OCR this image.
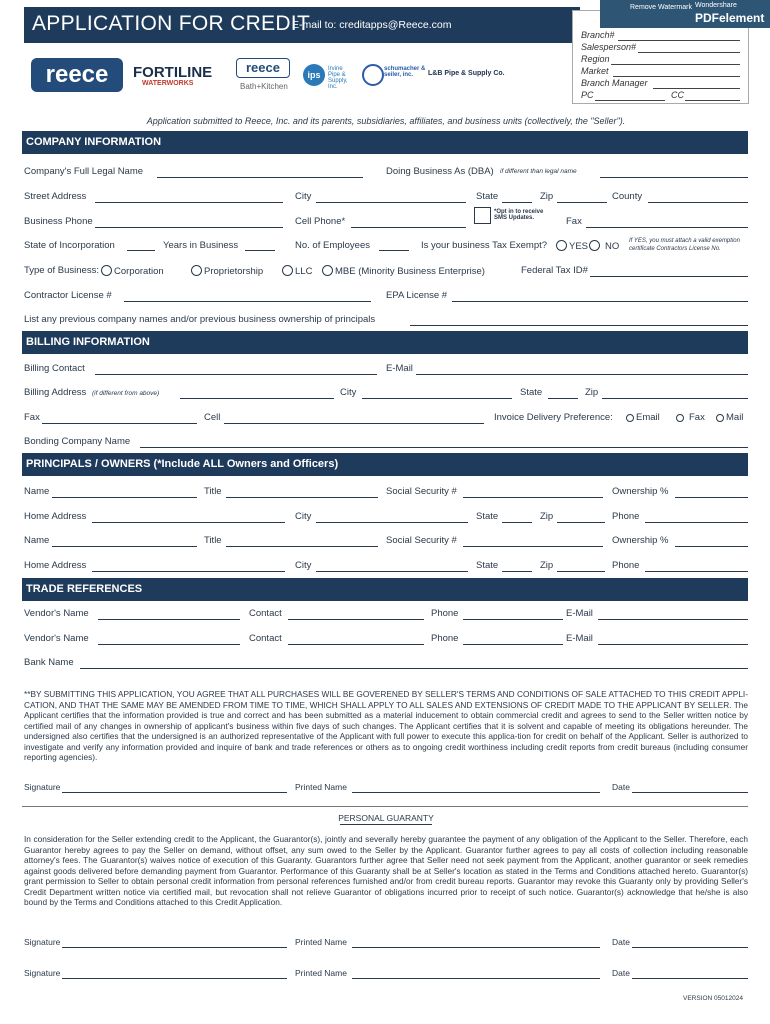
APPLICATION FOR CREDIT
E-mail to: creditapps@Reece.com
Branch#
Salesperson#
Region
Market
Branch Manager
PC	CC
Remove Watermark Wondershare
PDFelement
reece	FORTILINE
WATERWORKS
reece
Bath+Kitchen
ips
Irvine Pipe & Supply, Inc.
schumacher & seiler, inc.	L&B Pipe & Supply Co.
Application submitted to Reece, Inc. and its parents, subsidiaries, affiliates, and business units (collectively, the "Seller").
COMPANY INFORMATION
Company's Full Legal Name	Doing Business As (DBA) if different than legal name
Street Address	City	State	Zip	County
Business Phone	Cell Phone*
*Opt in to receive SMS Updates.	Fax
State of Incorporation	Years in Business	No. of Employees	Is your business Tax Exempt?	YES	NO If YES, you must attach a valid exemption certificate Contractors License No.
Type of Business:	Corporation	Proprietorship	LLC	MBE (Minority Business Enterprise)	Federal Tax ID#
Contractor License #	EPA License #
List any previous company names and/or previous business ownership of principals
BILLING INFORMATION
Billing Contact	E-Mail
Billing Address (if different from above)	City	State	Zip
Fax	Cell	Invoice Delivery Preference:	Email	Fax	Mail
Bonding Company Name
PRINCIPALS / OWNERS (*Include ALL Owners and Officers)
Name	Title	Social Security #	Ownership %
Home Address	City	State	Zip	Phone
Name	Title	Social Security #	Ownership %
Home Address	City	State	Zip	Phone
TRADE REFERENCES
Vendor's Name	Contact	Phone	E-Mail
Vendor's Name	Contact	Phone	E-Mail
Bank Name
**BY SUBMITTING THIS APPLICATION, YOU AGREE THAT ALL PURCHASES WILL BE GOVERENED BY SELLER'S TERMS AND CONDITIONS OF SALE ATTACHED TO THIS CREDIT APPLI-CATION, AND THAT THE SAME MAY BE AMENDED FROM TIME TO TIME, WHICH SHALL APPLY TO ALL SALES AND EXTENSIONS OF CREDIT MADE TO THE APPLICANT BY SELLER. The Applicant certifies that the information provided is true and correct and has been submitted as a material inducement to obtain commercial credit and agrees to send to the Seller written notice by certified mail of any changes in ownership of applicant's business within five days of such changes. The Applicant certifies that it is solvent and capable of meeting its obligations hereunder. The undersigned also certifies that the undersigned is an authorized representative of the Applicant with full power to execute this applica-tion for credit on behalf of the Applicant. Seller is authorized to investigate and verify any information provided and inquire of bank and trade references or others as to ongoing credit worthiness including credit reports from credit bureaus (including consumer reporting agencies).
Signature	Printed Name	Date
PERSONAL GUARANTY
In consideration for the Seller extending credit to the Applicant, the Guarantor(s), jointly and severally hereby guarantee the payment of any obligation of the Applicant to the Seller. Therefore, each Guarantor hereby agrees to pay the Seller on demand, without offset, any sum owed to the Seller by the Applicant. Guarantor further agrees to pay all costs of collection including reasonable attorney's fees. The Guarantor(s) waives notice of execution of this Guaranty. Guarantors further agree that Seller need not seek payment from the Applicant, another guarantor or seek remedies against goods delivered before demanding payment from Guarantor. Performance of this Guaranty shall be at Seller's location as stated in the Terms and Conditions attached hereto. Guarantor(s) grant permission to Seller to obtain personal credit information from personal references furnished and/or from credit bureau reports. Guarantor may revoke this Guaranty only by providing Seller's Credit Department written notice via certified mail, but revocation shall not relieve Guarantor of obligations incurred prior to receipt of such notice. Guarantor(s) acknowledge that he/she is also bound by the Terms and Conditions attached to this Credit Application.
Signature	Printed Name	Date
Signature	Printed Name	Date
VERSION 05012024
